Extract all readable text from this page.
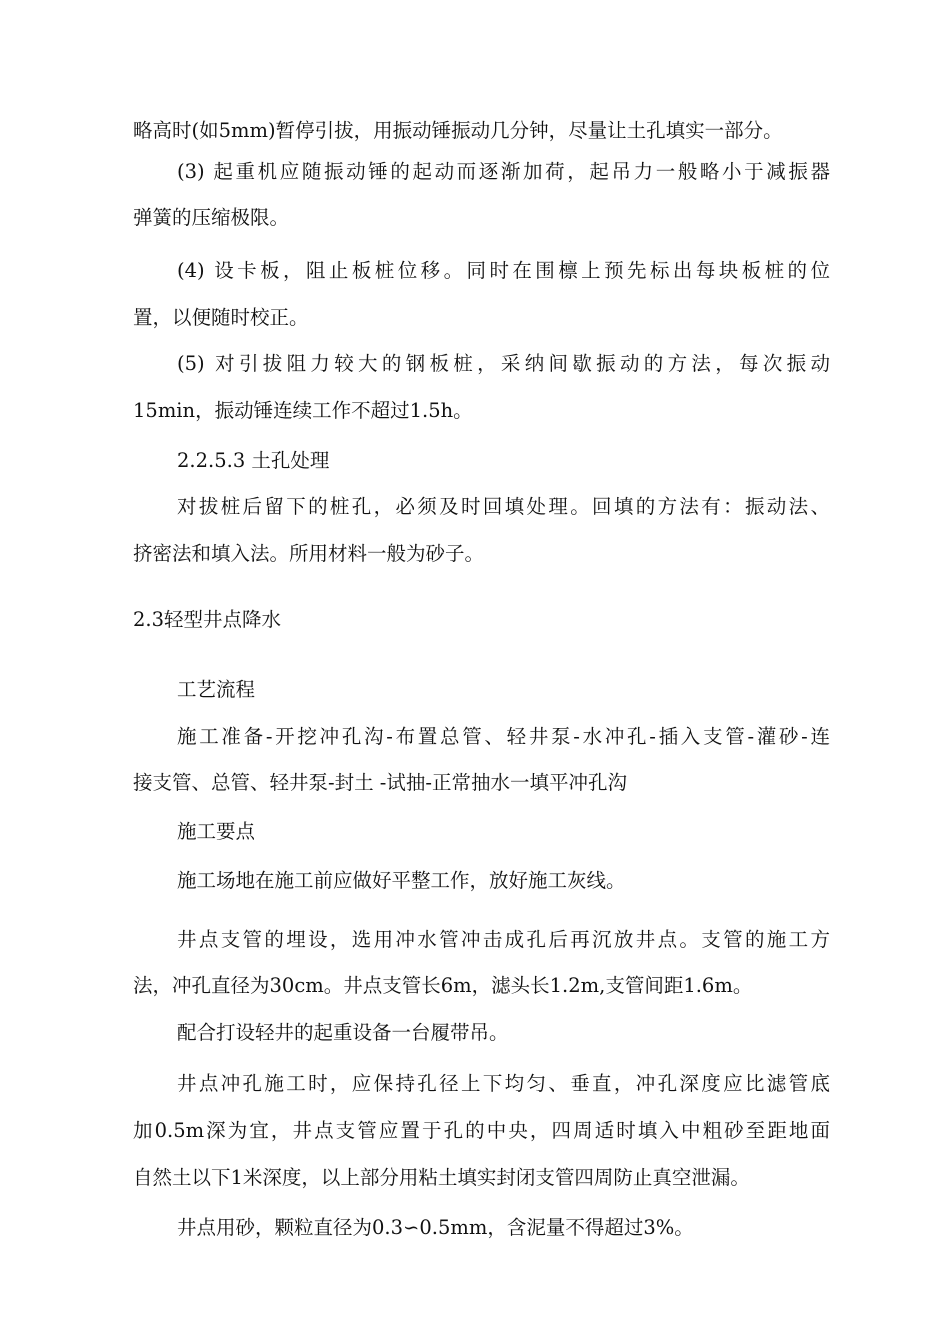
略高时(如5mm)暂停引拔，用振动锤振动几分钟，尽量让土孔填实一部分。

(3) 起重机应随振动锤的起动而逐渐加荷，起吊力一般略小于减振器

弹簧的压缩极限。

(4) 设卡板，阻止板桩位移。同时在围檩上预先标出每块板桩的位

置，以便随时校正。

(5) 对引拔阻力较大的钢板桩，采纳间歇振动的方法，每次振动

15min，振动锤连续工作不超过1.5h。

2.2.5.3 土孔处理

对拔桩后留下的桩孔，必须及时回填处理。回填的方法有：振动法、

挤密法和填入法。所用材料一般为砂子。

2.3轻型井点降水

工艺流程

施工准备-开挖冲孔沟-布置总管、轻井泵-水冲孔-插入支管-灌砂-连

接支管、总管、轻井泵-封土 -试抽-正常抽水一填平冲孔沟

施工要点

施工场地在施工前应做好平整工作，放好施工灰线。

井点支管的埋设，选用冲水管冲击成孔后再沉放井点。支管的施工方

法，冲孔直径为30cm。井点支管长6m，滤头长1.2m,支管间距1.6m。

配合打设轻井的起重设备一台履带吊。

井点冲孔施工时，应保持孔径上下均匀、垂直，冲孔深度应比滤管底

加0.5m深为宜，井点支管应置于孔的中央，四周适时填入中粗砂至距地面

自然土以下1米深度，以上部分用粘土填实封闭支管四周防止真空泄漏。

井点用砂，颗粒直径为0.3∽0.5mm，含泥量不得超过3%。
